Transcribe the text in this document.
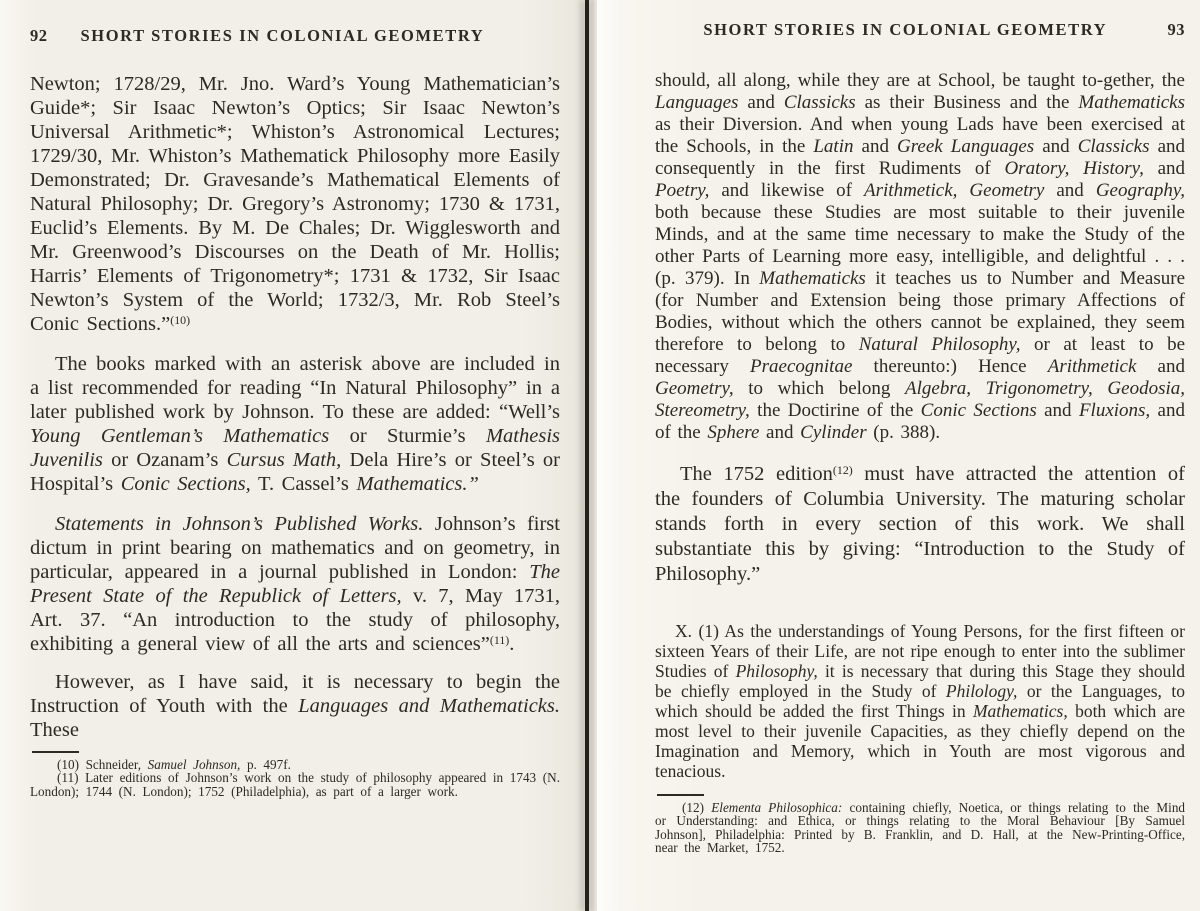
92 SHORT STORIES IN COLONIAL GEOMETRY

Newton; 1728/29, Mr. Jno. Ward’s Young Mathematician’s Guide*; Sir Isaac Newton’s Optics; Sir Isaac Newton’s Universal Arithmetic*; Whiston’s Astronomical Lectures; 1729/30, Mr. Whiston’s Mathematick Philosophy more Easily Demonstrated; Dr. Gravesande’s Mathematical Elements of Natural Philosophy; Dr. Gregory’s Astronomy; 1730 & 1731, Euclid’s Elements. By M. De Chales; Dr. Wigglesworth and Mr. Greenwood’s Discourses on the Death of Mr. Hollis; Harris’ Elements of Trigonometry*; 1731 & 1732, Sir Isaac Newton’s System of the World; 1732/3, Mr. Rob Steel’s Conic Sections.”$^{(10)}$

The books marked with an asterisk above are included in a list recommended for reading “In Natural Philosophy” in a later published work by Johnson. To these are added: “Well’s Young Gentleman’s Mathematics or Sturmie’s Mathesis Juvenilis or Ozanam’s Cursus Math, Dela Hire’s or Steel’s or Hospital’s Conic Sections, T. Cassel’s Mathematics.”

Statements in Johnson’s Published Works. Johnson’s first dictum in print bearing on mathematics and on geometry, in particular, appeared in a journal published in London: The Present State of the Republick of Letters, v. 7, May 1731, Art. 37. “An introduction to the study of philosophy, exhibiting a general view of all the arts and sciences”$^{(11)}$.

However, as I have said, it is necessary to begin the Instruction of Youth with the Languages and Mathematicks. These

(10) Schneider, Samuel Johnson, p. 497f.

(11) Later editions of Johnson’s work on the study of philosophy appeared in 1743 (N. London); 1744 (N. London); 1752 (Philadelphia), as part of a larger work.

SHORT STORIES IN COLONIAL GEOMETRY	93

should, all along, while they are at School, be taught to-gether, the Languages and Classicks as their Business and the Mathematicks as their Diversion. And when young Lads have been exercised at the Schools, in the Latin and Greek Languages and Classicks and consequently in the first Rudiments of Oratory, History, and Poetry, and likewise of Arithmetick, Geometry and Geography, both because these Studies are most suitable to their juvenile Minds, and at the same time necessary to make the Study of the other Parts of Learning more easy, intelligible, and delightful . . . (p. 379). In Mathematicks it teaches us to Number and Measure (for Number and Extension being those primary Affections of Bodies, without which the others cannot be explained, they seem therefore to belong to Natural Philosophy, or at least to be necessary Praecognitae thereunto:) Hence Arithmetick and Geometry, to which belong Algebra, Trigonometry, Geodosia, Stereometry, the Doctirine of the Conic Sections and Fluxions, and of the Sphere and Cylinder (p. 388).

The 1752 edition$^{(12)}$ must have attracted the attention of the founders of Columbia University. The maturing scholar stands forth in every section of this work. We shall substantiate this by giving: “Introduction to the Study of Philosophy.”

X. (1) As the understandings of Young Persons, for the first fifteen or sixteen Years of their Life, are not ripe enough to enter into the sublimer Studies of Philosophy, it is necessary that during this Stage they should be chiefly employed in the Study of Philology, or the Languages, to which should be added the first Things in Mathematics, both which are most level to their juvenile Capacities, as they chiefly depend on the Imagination and Memory, which in Youth are most vigorous and tenacious.

(12) Elementa Philosophica: containing chiefly, Noetica, or things relating to the Mind or Understanding: and Ethica, or things relating to the Moral Behaviour [By Samuel Johnson], Philadelphia: Printed by B. Franklin, and D. Hall, at the New-Printing-Office, near the Market, 1752.
